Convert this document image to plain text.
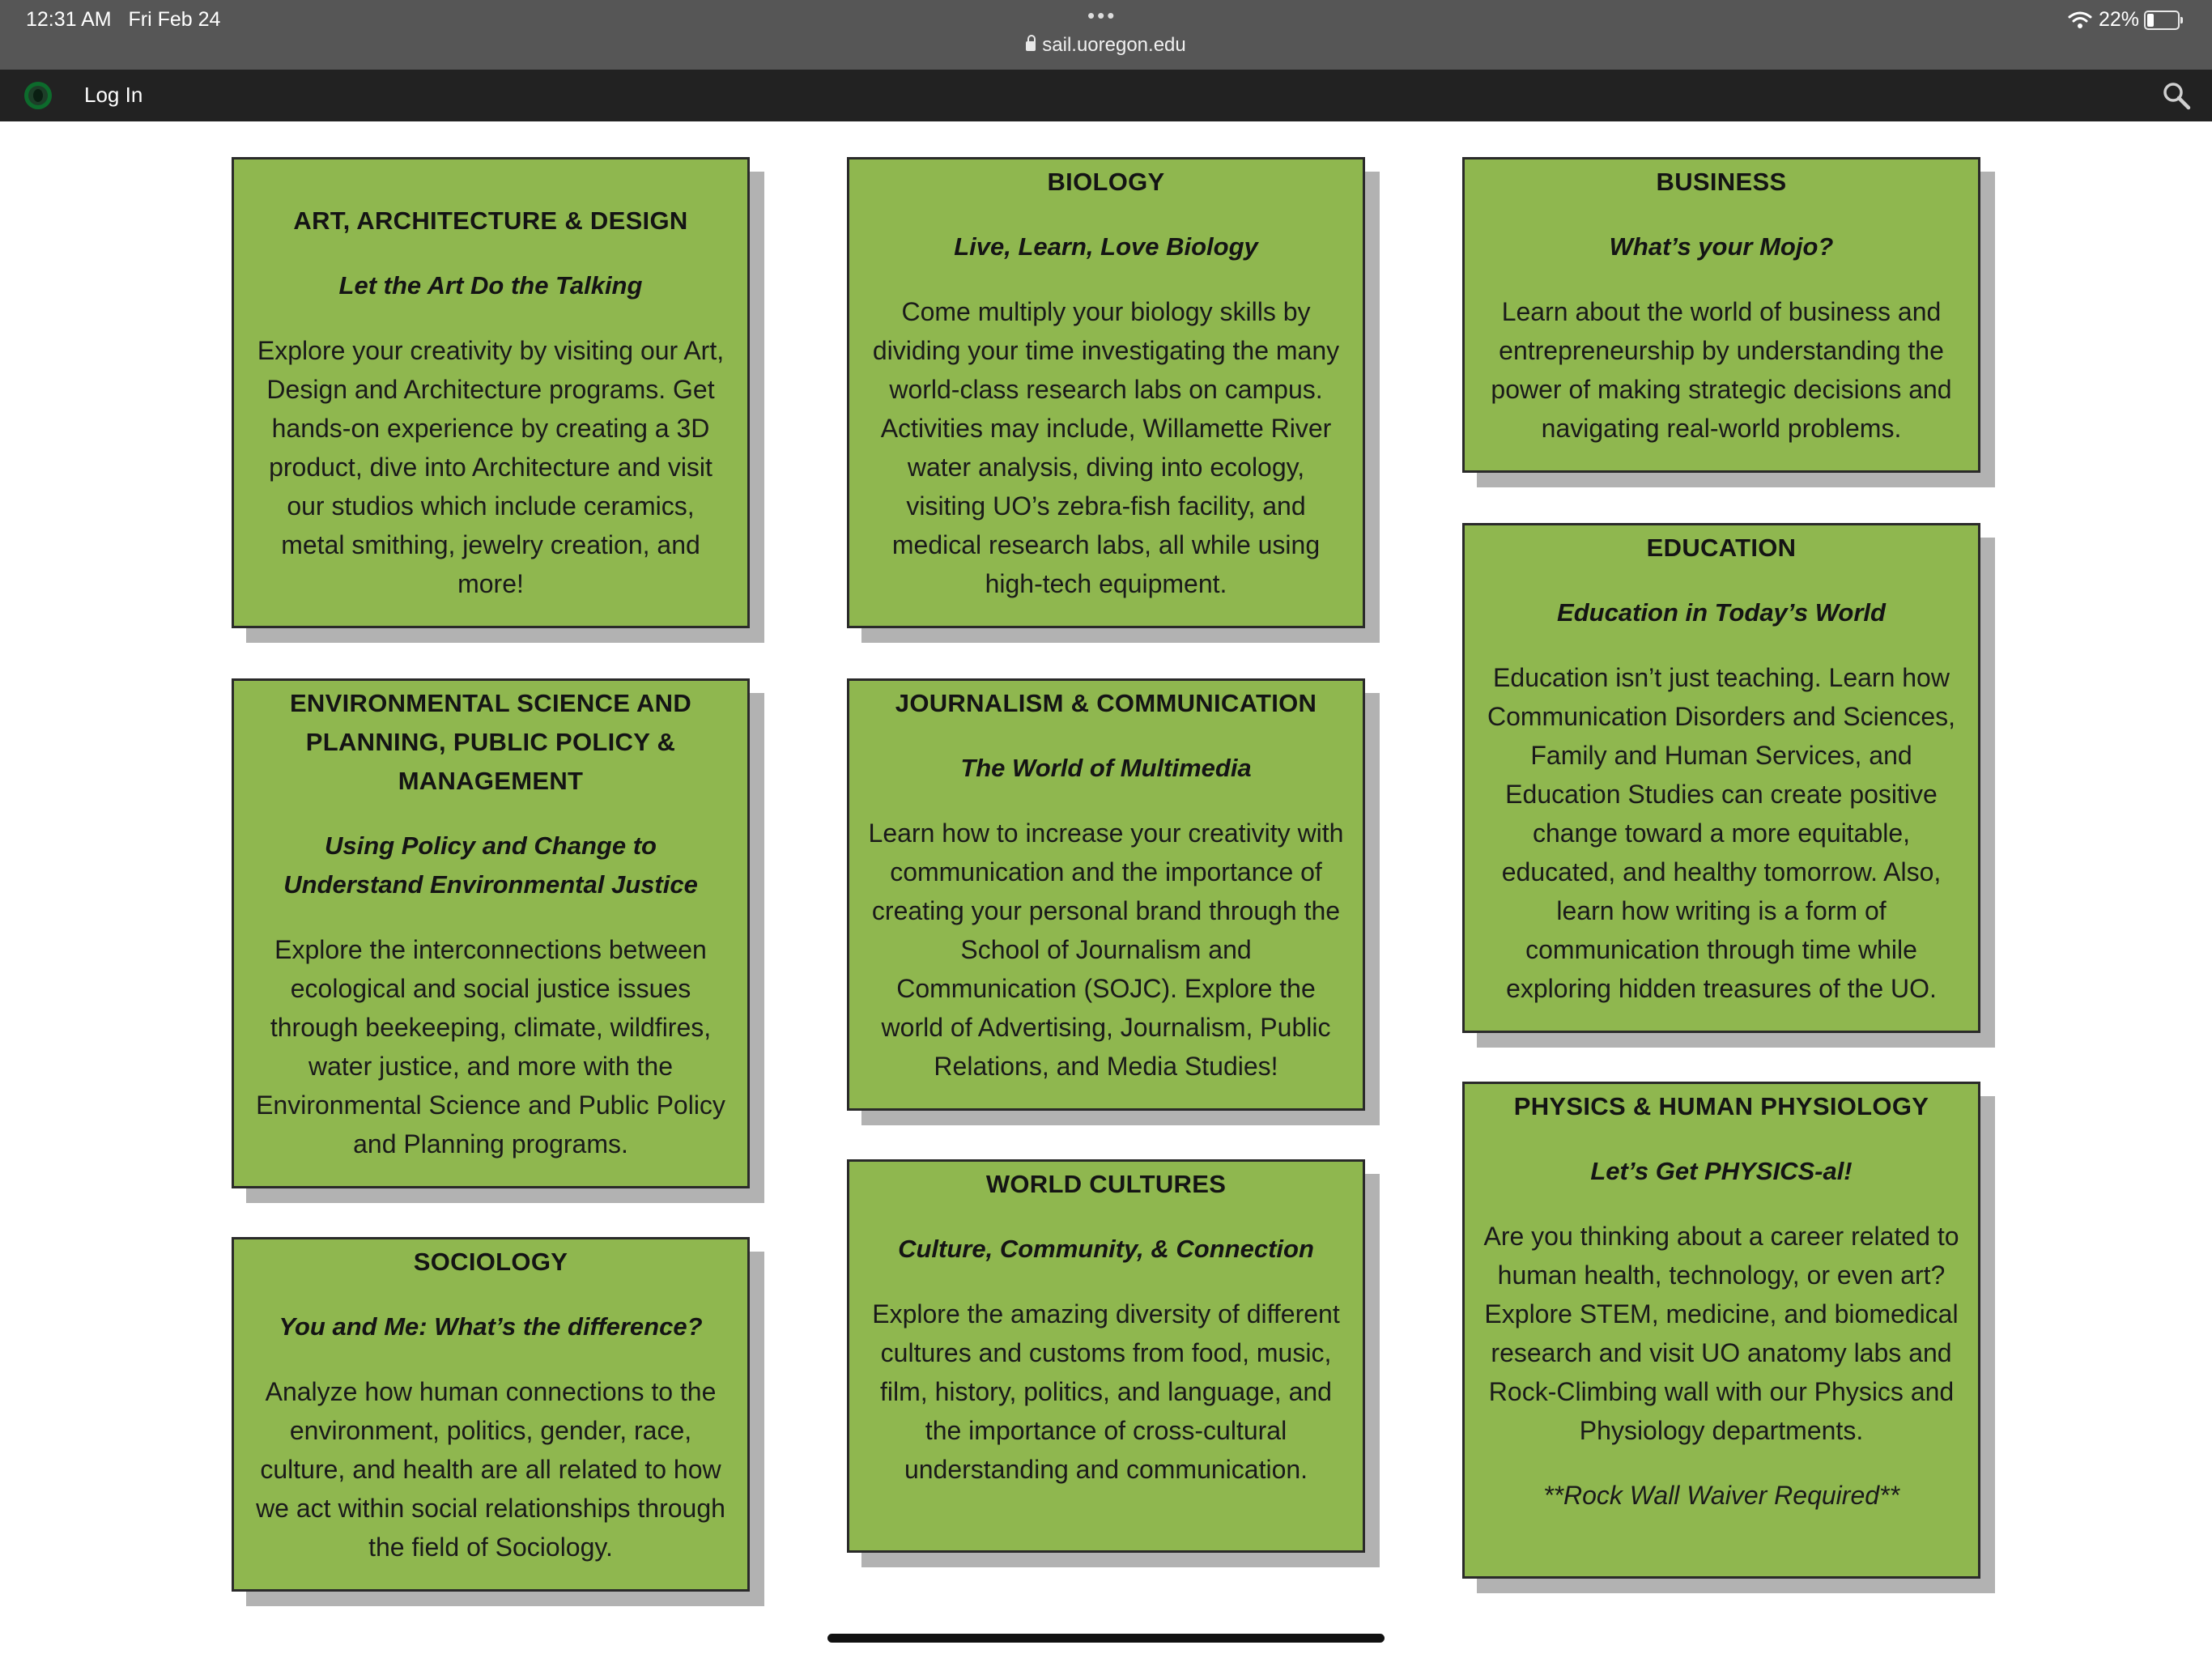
12:31 AM Fri Feb 24	•••
sail.uoregon.edu
22%
Log In
ART, ARCHITECTURE & DESIGN
Let the Art Do the Talking
Explore your creativity by visiting our Art, Design and Architecture programs. Get hands-on experience by creating a 3D product, dive into Architecture and visit our studios which include ceramics, metal smithing, jewelry creation, and more!
BIOLOGY
Live, Learn, Love Biology
Come multiply your biology skills by dividing your time investigating the many world-class research labs on campus. Activities may include, Willamette River water analysis, diving into ecology, visiting UO’s zebra-fish facility, and medical research labs, all while using high-tech equipment.
BUSINESS
What’s your Mojo?
Learn about the world of business and entrepreneurship by understanding the power of making strategic decisions and navigating real-world problems.
ENVIRONMENTAL SCIENCE AND PLANNING, PUBLIC POLICY & MANAGEMENT
Using Policy and Change to Understand Environmental Justice
Explore the interconnections between ecological and social justice issues through beekeeping, climate, wildfires, water justice, and more with the Environmental Science and Public Policy and Planning programs.
JOURNALISM & COMMUNICATION
The World of Multimedia
Learn how to increase your creativity with communication and the importance of creating your personal brand through the School of Journalism and Communication (SOJC). Explore the world of Advertising, Journalism, Public Relations, and Media Studies!
EDUCATION
Education in Today’s World
Education isn’t just teaching. Learn how Communication Disorders and Sciences, Family and Human Services, and Education Studies can create positive change toward a more equitable, educated, and healthy tomorrow. Also, learn how writing is a form of communication through time while exploring hidden treasures of the UO.
SOCIOLOGY
You and Me: What’s the difference?
Analyze how human connections to the environment, politics, gender, race, culture, and health are all related to how we act within social relationships through the field of Sociology.
WORLD CULTURES
Culture, Community, & Connection
Explore the amazing diversity of different cultures and customs from food, music, film, history, politics, and language, and the importance of cross-cultural understanding and communication.
PHYSICS & HUMAN PHYSIOLOGY
Let’s Get PHYSICS-al!
Are you thinking about a career related to human health, technology, or even art? Explore STEM, medicine, and biomedical research and visit UO anatomy labs and Rock-Climbing wall with our Physics and Physiology departments.
**Rock Wall Waiver Required**
